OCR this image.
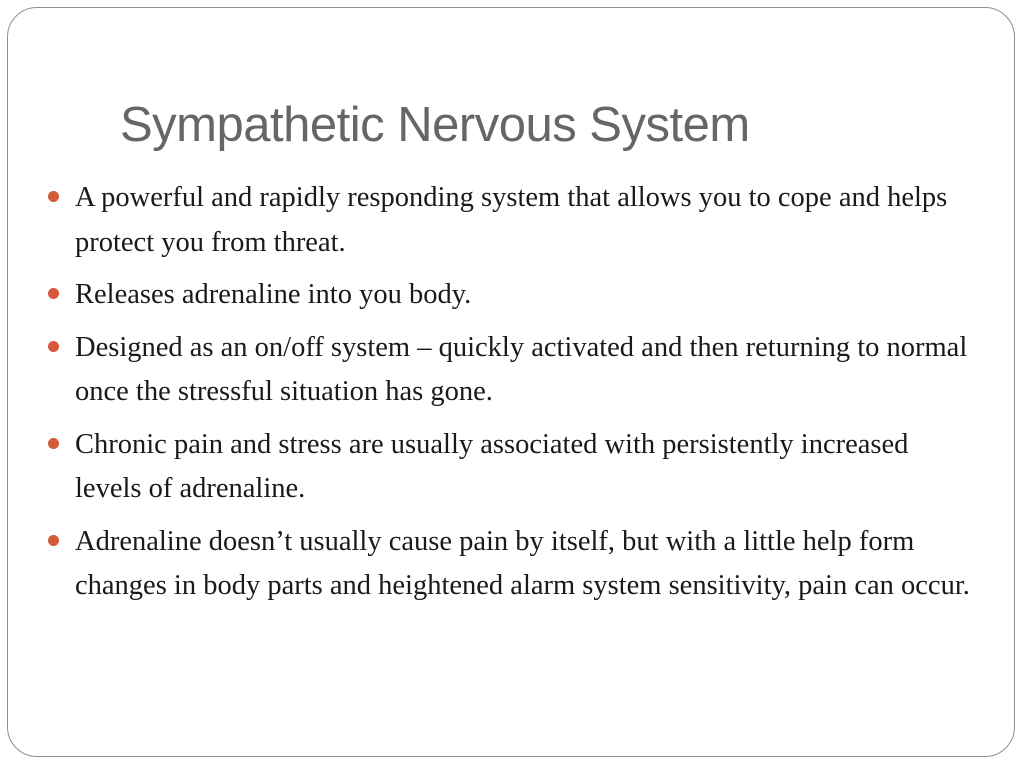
Sympathetic Nervous System
A powerful and rapidly responding system that allows you to cope and helps protect you from threat.
Releases adrenaline into you body.
Designed as an on/off system – quickly activated and then returning to normal once the stressful situation has gone.
Chronic pain and stress are usually associated with persistently increased levels of adrenaline.
Adrenaline doesn’t usually cause pain by itself, but with a little help form changes in body parts and heightened alarm system sensitivity, pain can occur.
